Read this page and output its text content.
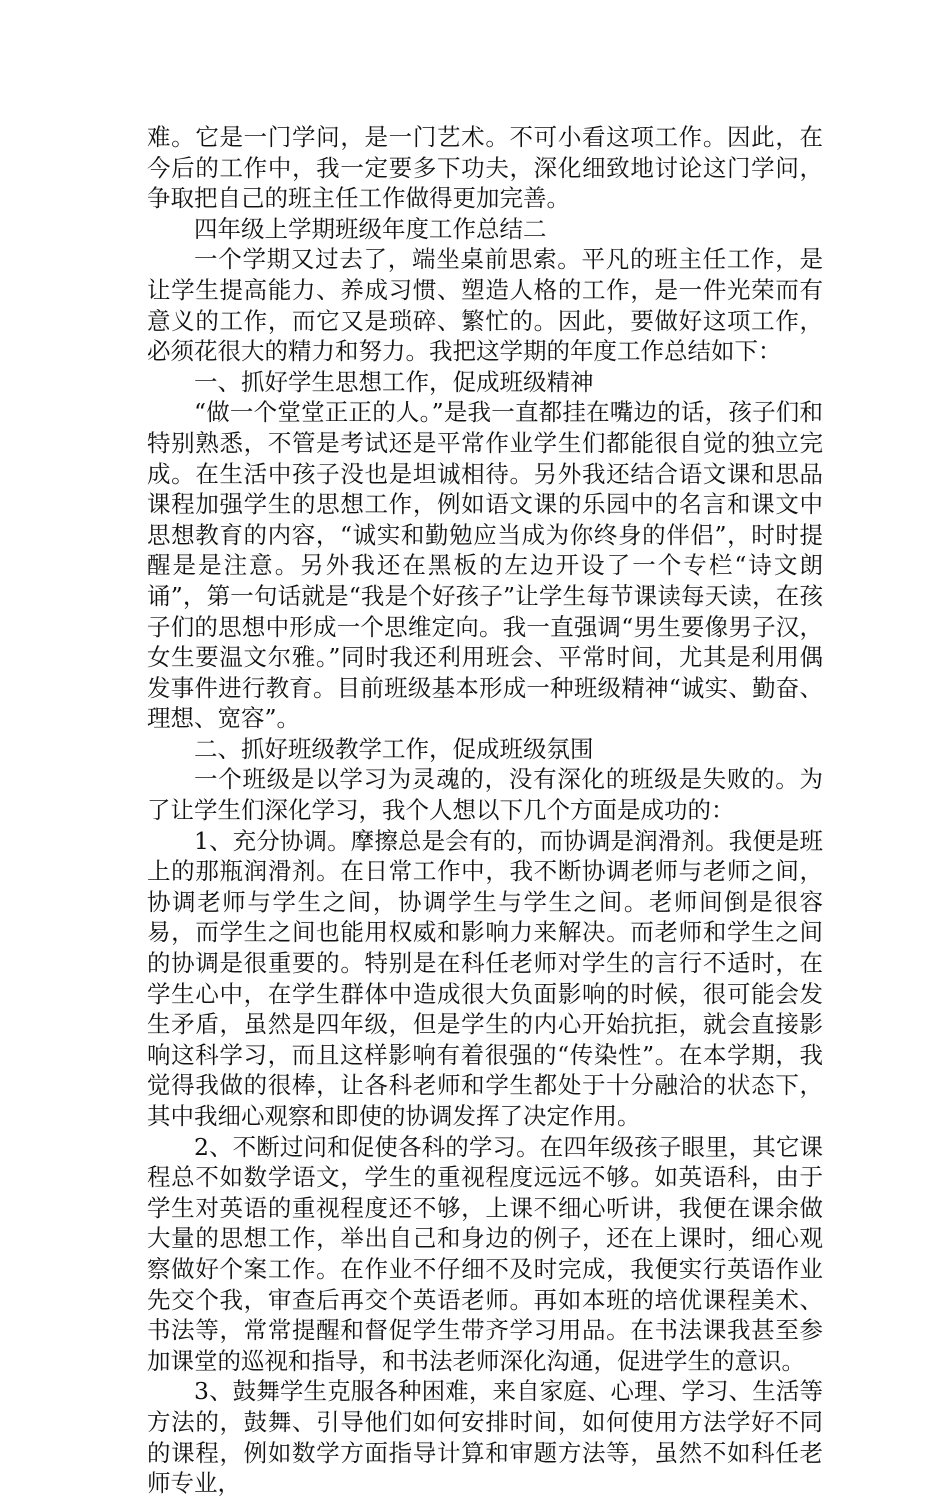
难。它是一门学问，是一门艺术。不可小看这项工作。因此，在今后的工作中，我一定要多下功夫，深化细致地讨论这门学问，争取把自己的班主任工作做得更加完善。

四年级上学期班级年度工作总结二

一个学期又过去了，端坐桌前思索。平凡的班主任工作，是让学生提高能力、养成习惯、塑造人格的工作，是一件光荣而有意义的工作，而它又是琐碎、繁忙的。因此，要做好这项工作，必须花很大的精力和努力。我把这学期的年度工作总结如下：

一、抓好学生思想工作，促成班级精神

“做一个堂堂正正的人。”是我一直都挂在嘴边的话，孩子们和特别熟悉，不管是考试还是平常作业学生们都能很自觉的独立完成。在生活中孩子没也是坦诚相待。另外我还结合语文课和思品课程加强学生的思想工作，例如语文课的乐园中的名言和课文中思想教育的内容，“诚实和勤勉应当成为你终身的伴侣”，时时提醒是是注意。另外我还在黑板的左边开设了一个专栏“诗文朗诵”，第一句话就是“我是个好孩子”让学生每节课读每天读，在孩子们的思想中形成一个思维定向。我一直强调“男生要像男子汉，女生要温文尔雅。”同时我还利用班会、平常时间，尤其是利用偶发事件进行教育。目前班级基本形成一种班级精神“诚实、勤奋、理想、宽容”。

二、抓好班级教学工作，促成班级氛围

一个班级是以学习为灵魂的，没有深化的班级是失败的。为了让学生们深化学习，我个人想以下几个方面是成功的：

1、充分协调。摩擦总是会有的，而协调是润滑剂。我便是班上的那瓶润滑剂。在日常工作中，我不断协调老师与老师之间，协调老师与学生之间，协调学生与学生之间。老师间倒是很容易，而学生之间也能用权威和影响力来解决。而老师和学生之间的协调是很重要的。特别是在科任老师对学生的言行不适时，在学生心中，在学生群体中造成很大负面影响的时候，很可能会发生矛盾，虽然是四年级，但是学生的内心开始抗拒，就会直接影响这科学习，而且这样影响有着很强的“传染性”。在本学期，我觉得我做的很棒，让各科老师和学生都处于十分融洽的状态下，其中我细心观察和即使的协调发挥了决定作用。

2、不断过问和促使各科的学习。在四年级孩子眼里，其它课程总不如数学语文，学生的重视程度远远不够。如英语科，由于学生对英语的重视程度还不够，上课不细心听讲，我便在课余做大量的思想工作，举出自己和身边的例子，还在上课时，细心观察做好个案工作。在作业不仔细不及时完成，我便实行英语作业先交个我，审查后再交个英语老师。再如本班的培优课程美术、书法等，常常提醒和督促学生带齐学习用品。在书法课我甚至参加课堂的巡视和指导，和书法老师深化沟通，促进学生的意识。

3、鼓舞学生克服各种困难，来自家庭、心理、学习、生活等方法的，鼓舞、引导他们如何安排时间，如何使用方法学好不同的课程，例如数学方面指导计算和审题方法等，虽然不如科任老师专业，
